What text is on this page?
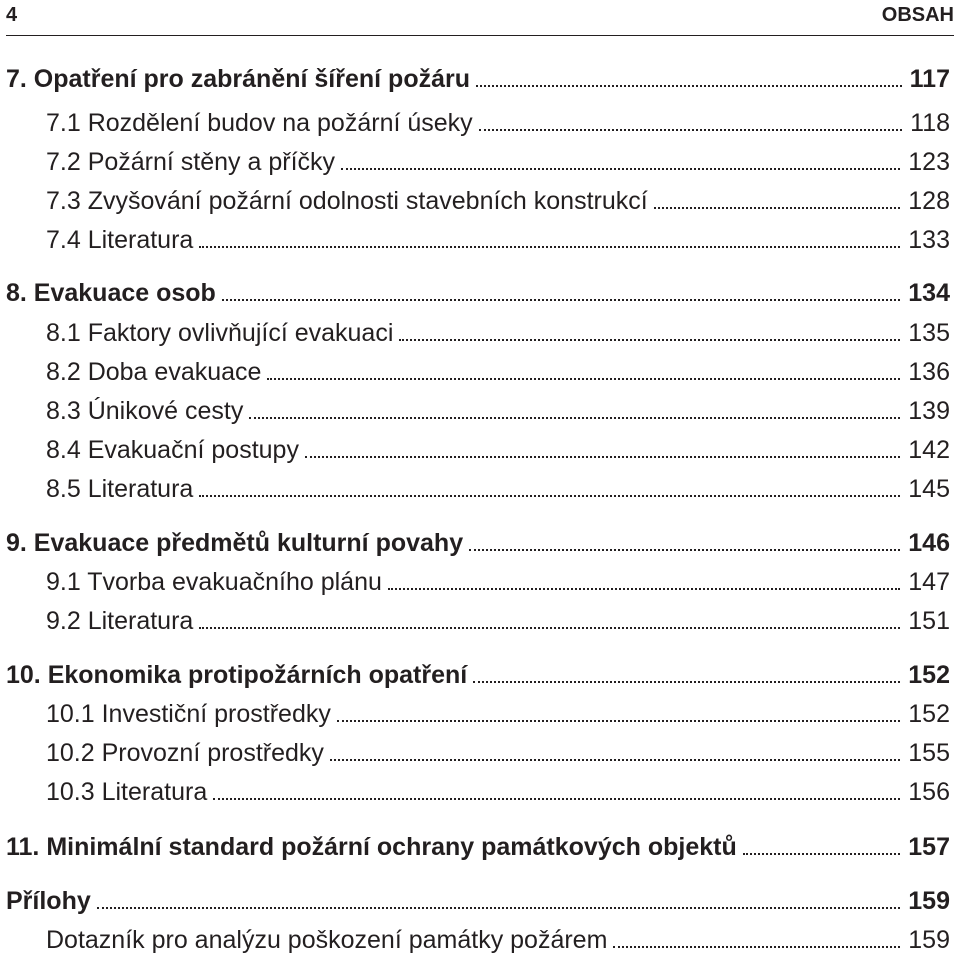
4	OBSAH
7. Opatření pro zabránění šíření požáru	117
7.1 Rozdělení budov na požární úseky	118
7.2 Požární stěny a příčky	123
7.3 Zvyšování požární odolnosti stavebních konstrukcí	128
7.4 Literatura	133
8. Evakuace osob	134
8.1 Faktory ovlivňující evakuaci	135
8.2 Doba evakuace	136
8.3 Únikové cesty	139
8.4 Evakuační postupy	142
8.5 Literatura	145
9. Evakuace předmětů kulturní povahy	146
9.1 Tvorba evakuačního plánu	147
9.2 Literatura	151
10. Ekonomika protipožárních opatření	152
10.1 Investiční prostředky	152
10.2 Provozní prostředky	155
10.3 Literatura	156
11. Minimální standard požární ochrany památkových objektů	157
Přílohy	159
Dotazník pro analýzu poškození památky požárem	159
